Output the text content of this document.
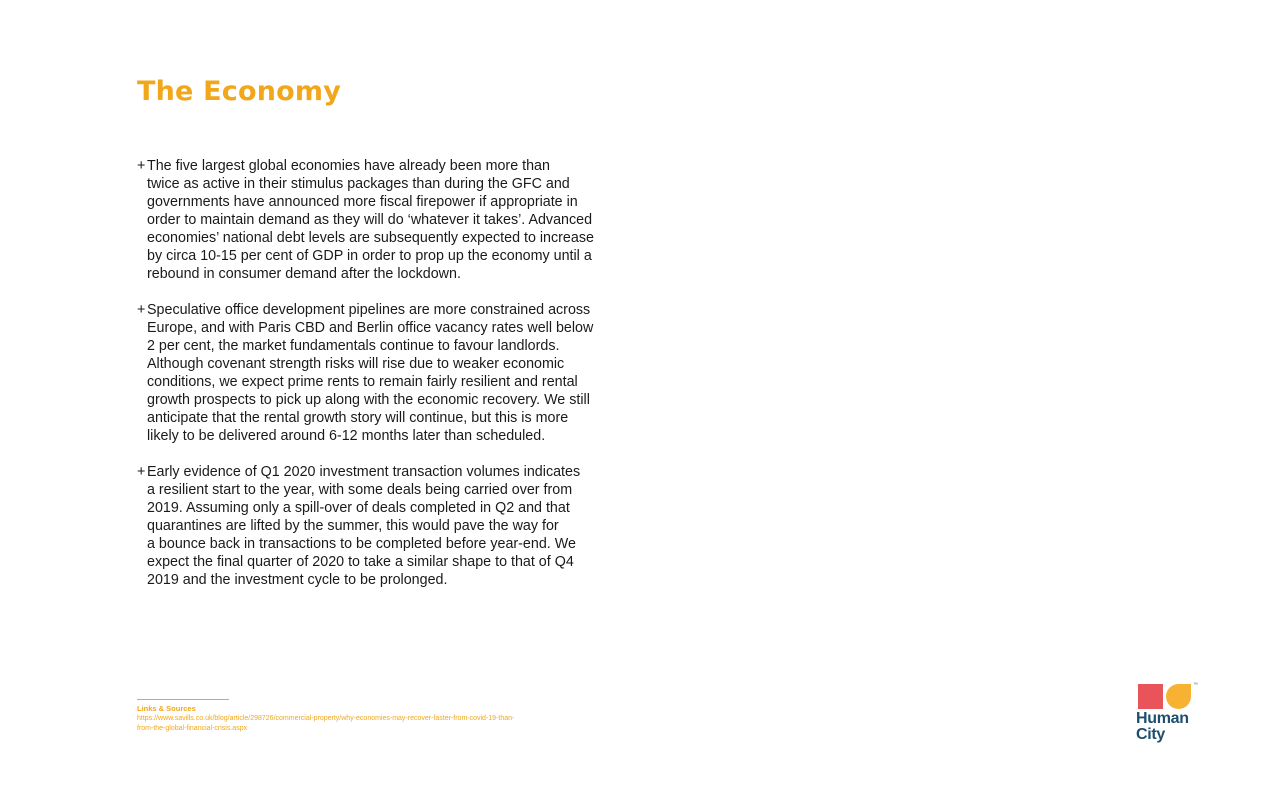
The Economy
+ The five largest global economies have already been more than
twice as active in their stimulus packages than during the GFC and
governments have announced more fiscal firepower if appropriate in
order to maintain demand as they will do ‘whatever it takes’. Advanced
economies’ national debt levels are subsequently expected to increase
by circa 10-15 per cent of GDP in order to prop up the economy until a
rebound in consumer demand after the lockdown.
+ Speculative office development pipelines are more constrained across
Europe, and with Paris CBD and Berlin office vacancy rates well below
2 per cent, the market fundamentals continue to favour landlords.
Although covenant strength risks will rise due to weaker economic
conditions, we expect prime rents to remain fairly resilient and rental
growth prospects to pick up along with the economic recovery. We still
anticipate that the rental growth story will continue, but this is more
likely to be delivered around 6-12 months later than scheduled.
+ Early evidence of Q1 2020 investment transaction volumes indicates
a resilient start to the year, with some deals being carried over from
2019. Assuming only a spill-over of deals completed in Q2 and that
quarantines are lifted by the summer, this would pave the way for
a bounce back in transactions to be completed before year-end. We
expect the final quarter of 2020 to take a similar shape to that of Q4
2019 and the investment cycle to be prolonged.
Links & Sources
https://www.savills.co.uk/blog/article/298726/commercial-property/why-economies-may-recover-faster-from-covid-19-than-
from-the-global-financial-crisis.aspx
™
Human
City
